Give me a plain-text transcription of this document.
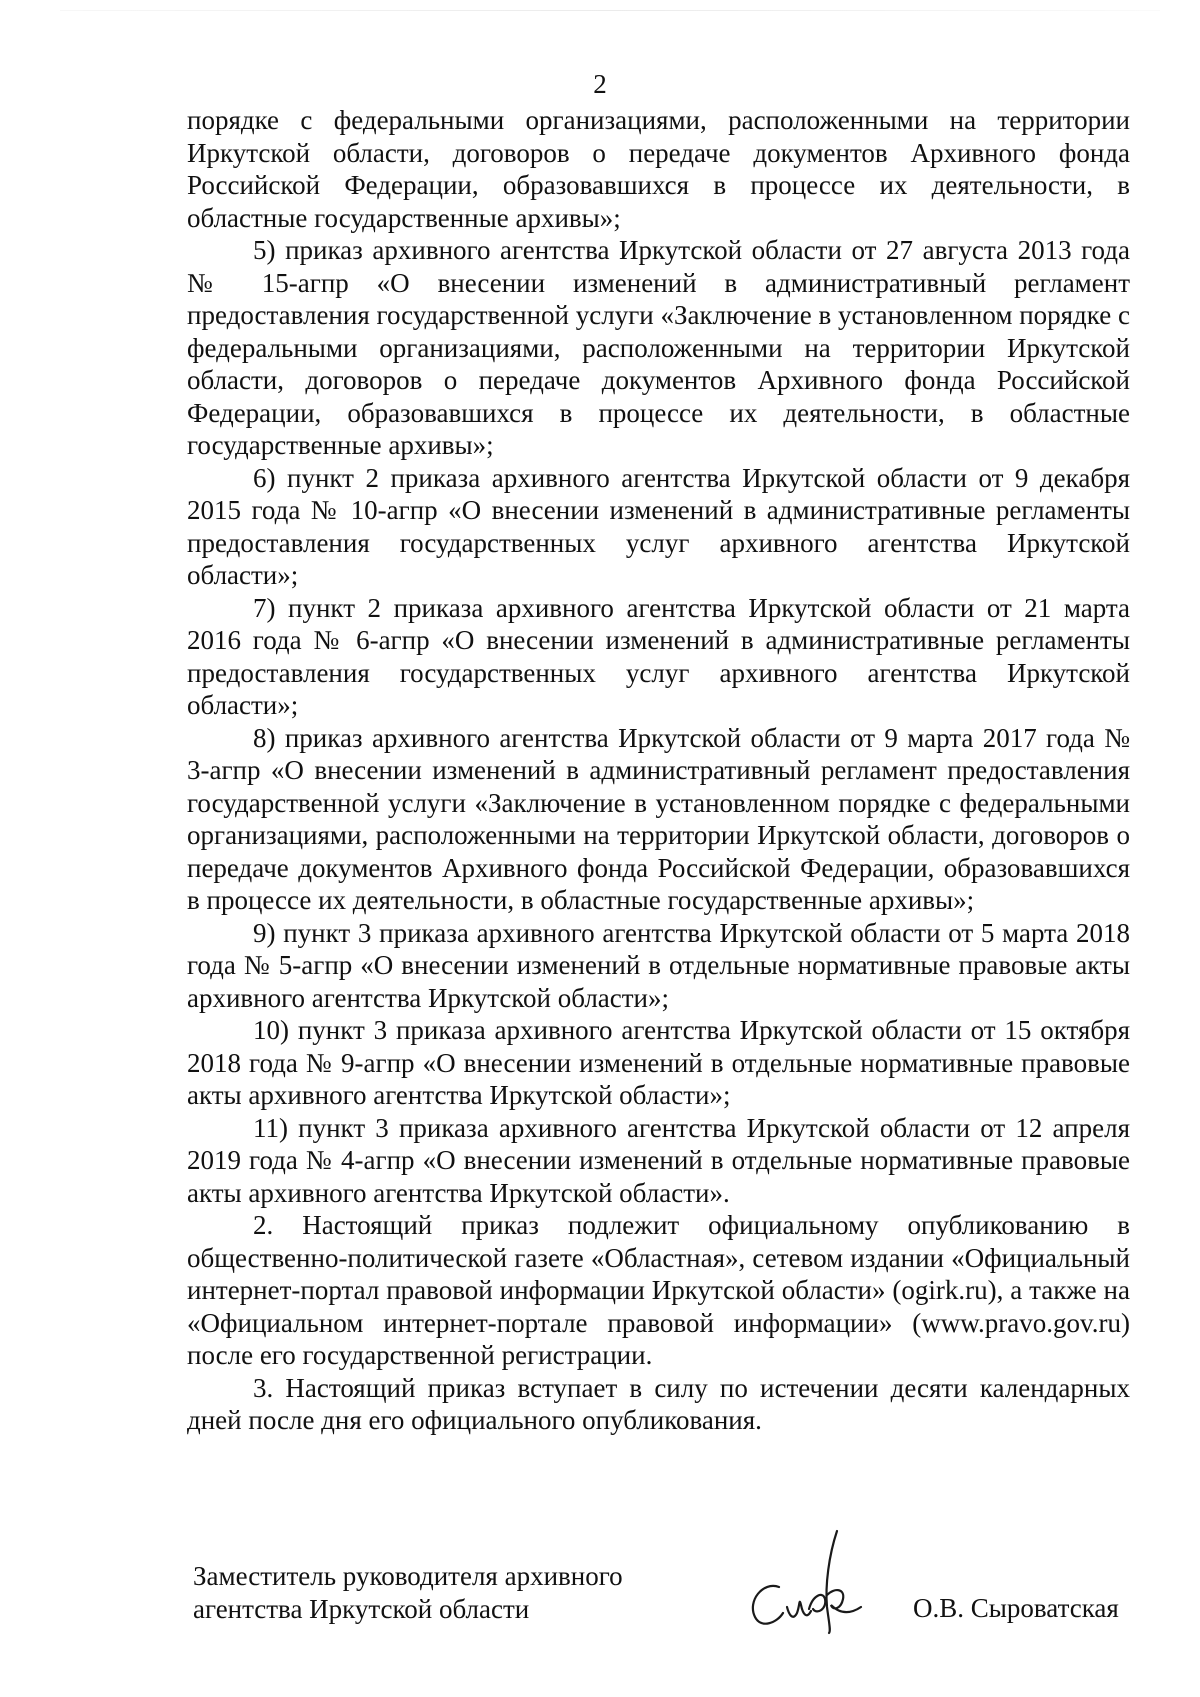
2

порядке с федеральными организациями, расположенными на территории Иркутской области, договоров о передаче документов Архивного фонда Российской Федерации, образовавшихся в процессе их деятельности, в областные государственные архивы»;

5) приказ архивного агентства Иркутской области от 27 августа 2013 года № 15-агпр «О внесении изменений в административный регламент предоставления государственной услуги «Заключение в установленном порядке с федеральными организациями, расположенными на территории Иркутской области, договоров о передаче документов Архивного фонда Российской Федерации, образовавшихся в процессе их деятельности, в областные государственные архивы»;

6) пункт 2 приказа архивного агентства Иркутской области от 9 декабря 2015 года № 10-агпр «О внесении изменений в административные регламенты предоставления государственных услуг архивного агентства Иркутской области»;

7) пункт 2 приказа архивного агентства Иркутской области от 21 марта 2016 года № 6-агпр «О внесении изменений в административные регламенты предоставления государственных услуг архивного агентства Иркутской области»;

8) приказ архивного агентства Иркутской области от 9 марта 2017 года № 3-агпр «О внесении изменений в административный регламент предоставления государственной услуги «Заключение в установленном порядке с федеральными организациями, расположенными на территории Иркутской области, договоров о передаче документов Архивного фонда Российской Федерации, образовавшихся в процессе их деятельности, в областные государственные архивы»;

9) пункт 3 приказа архивного агентства Иркутской области от 5 марта 2018 года № 5-агпр «О внесении изменений в отдельные нормативные правовые акты архивного агентства Иркутской области»;

10) пункт 3 приказа архивного агентства Иркутской области от 15 октября 2018 года № 9-агпр «О внесении изменений в отдельные нормативные правовые акты архивного агентства Иркутской области»;

11) пункт 3 приказа архивного агентства Иркутской области от 12 апреля 2019 года № 4-агпр «О внесении изменений в отдельные нормативные правовые акты архивного агентства Иркутской области».

2. Настоящий приказ подлежит официальному опубликованию в общественно-политической газете «Областная», сетевом издании «Официальный интернет-портал правовой информации Иркутской области» (ogirk.ru), а также на «Официальном интернет-портале правовой информации» (www.pravo.gov.ru) после его государственной регистрации.

3. Настоящий приказ вступает в силу по истечении десяти календарных дней после дня его официального опубликования.

Заместитель руководителя архивного
агентства Иркутской области	О.В. Сыроватская
